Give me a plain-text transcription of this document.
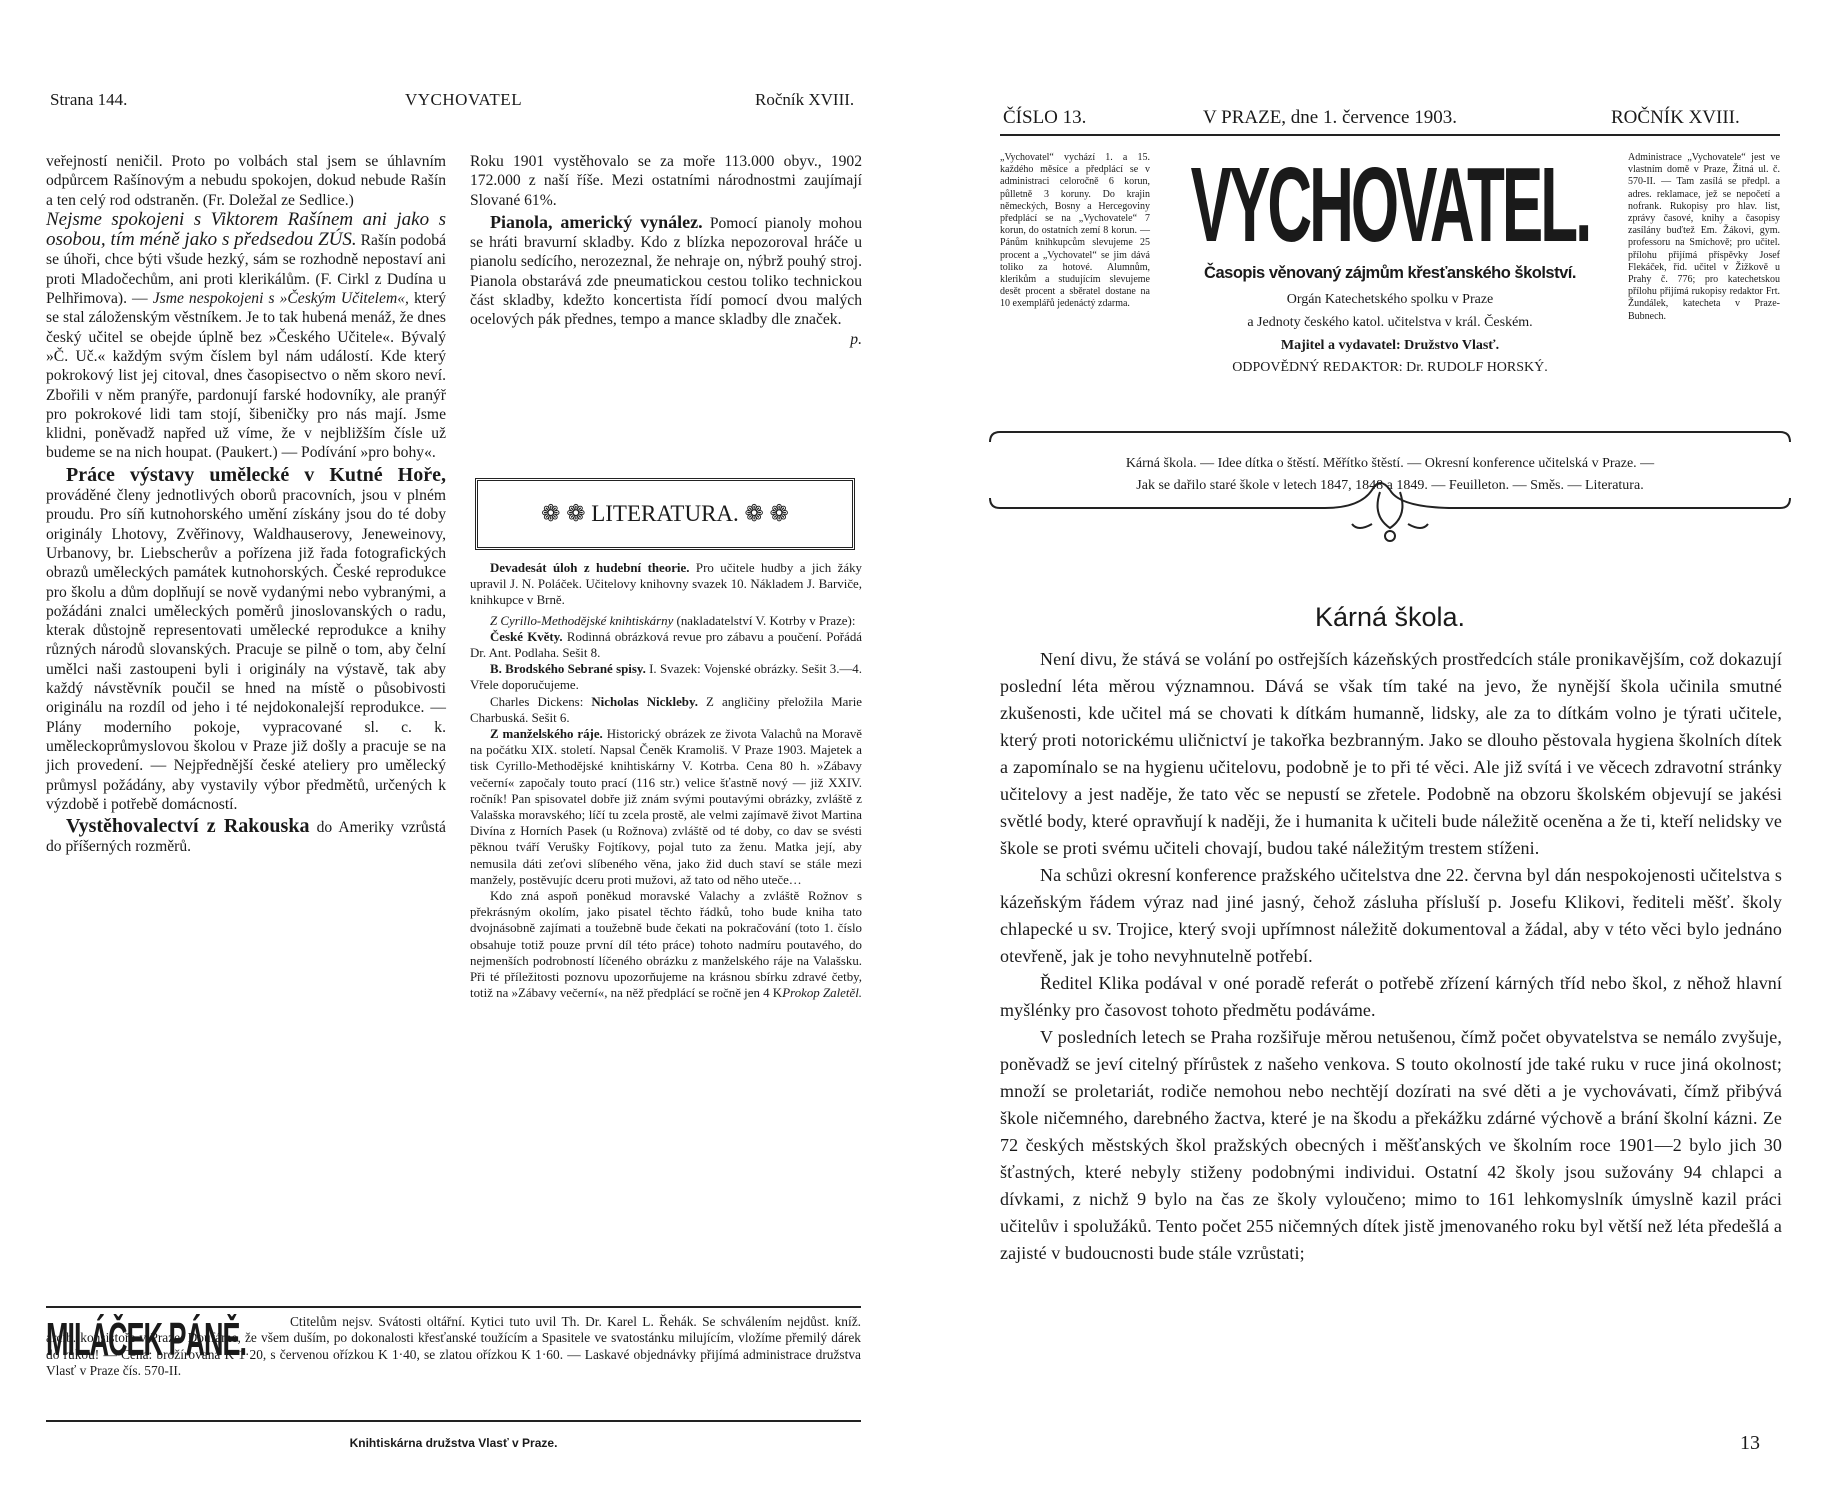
Strana 144.	VYCHOVATEL	Ročník XVIII.

veřejností neničil. Proto po volbách stal jsem se úhlavním odpůrcem Rašínovým a nebudu spokojen, dokud nebude Rašín a ten celý rod odstraněn. (Fr. Doležal ze Sedlice.)

Nejsme spokojeni s Viktorem Rašínem ani jako s osobou, tím méně jako s předsedou ZÚS. Rašín podobá se úhoři, chce býti všude hezký, sám se rozhodně nepostaví ani proti Mladočechům, ani proti klerikálům. (F. Cirkl z Dudína u Pelhřimova). — Jsme nespokojeni s »Českým Učitelem«, který se stal záloženským věstníkem. Je to tak hubená menáž, že dnes český učitel se obejde úplně bez »Českého Učitele«. Bývalý »Č. Uč.« každým svým číslem byl nám událostí. Kde který pokrokový list jej citoval, dnes časopisectvo o něm skoro neví. Zbořili v něm pranýře, pardonují farské hodovníky, ale pranýř pro pokrokové lidi tam stojí, šibeničky pro nás mají. Jsme klidni, poněvadž napřed už víme, že v nejbližším čísle už budeme se na nich houpat. (Paukert.) — Podívání »pro bohy«.

Práce výstavy umělecké v Kutné Hoře, prováděné členy jednotlivých oborů pracovních, jsou v plném proudu. Pro síň kutnohorského umění získány jsou do té doby originály Lhotovy, Zvěřinovy, Waldhauserovy, Jeneweinovy, Urbanovy, br. Liebscherův a pořízena již řada fotografických obrazů uměleckých památek kutnohorských. České reprodukce pro školu a dům doplňují se nově vydanými nebo vybranými, a požádáni znalci uměleckých poměrů jinoslovanských o radu, kterak důstojně representovati umělecké reprodukce a knihy různých národů slovanských. Pracuje se pilně o tom, aby čelní umělci naši zastoupeni byli i originály na výstavě, tak aby každý návstěvník poučil se hned na místě o působivosti originálu na rozdíl od jeho i té nejdokonalejší reprodukce. — Plány moderního pokoje, vypracované sl. c. k. uměleckoprůmyslovou školou v Praze již došly a pracuje se na jich provedení. — Nejpřednější české ateliery pro umělecký průmysl požádány, aby vystavily výbor předmětů, určených k výzdobě i potřebě domácností.

Vystěhovalectví z Rakouska do Ameriky vzrůstá do příšerných rozměrů.

Roku 1901 vystěhovalo se za moře 113.000 obyv., 1902 172.000 z naší říše. Mezi ostatními národnostmi zaujímají Slované 61%.

Pianola, americký vynález. Pomocí pianoly mohou se hráti bravurní skladby. Kdo z blízka nepozoroval hráče u pianolu sedícího, nerozeznal, že nehraje on, nýbrž pouhý stroj. Pianola obstarává zde pneumatickou cestou toliko technickou část skladby, kdežto koncertista řídí pomocí dvou malých ocelových pák přednes, tempo a mance skladby dle značek.
p.

❁ ❁ LITERATURA. ❁ ❁

Devadesát úloh z hudební theorie. Pro učitele hudby a jich žáky upravil J. N. Poláček. Učitelovy knihovny svazek 10. Nákladem J. Barviče, knihkupce v Brně.

Z Cyrillo-Methodějské knihtiskárny (nakladatelství V. Kotrby v Praze):

České Květy. Rodinná obrázková revue pro zábavu a poučení. Pořádá Dr. Ant. Podlaha. Sešit 8.

B. Brodského Sebrané spisy. I. Svazek: Vojenské obrázky. Sešit 3.—4. Vřele doporučujeme.

Charles Dickens: Nicholas Nickleby. Z angličiny přeložila Marie Charbuská. Sešit 6.

Z manželského ráje. Historický obrázek ze života Valachů na Moravě na počátku XIX. století. Napsal Čeněk Kramoliš. V Praze 1903. Majetek a tisk Cyrillo-Methodějské knihtiskárny V. Kotrba. Cena 80 h. »Zábavy večerní« započaly touto prací (116 str.) velice šťastně nový — již XXIV. ročník! Pan spisovatel dobře již znám svými poutavými obrázky, zvláště z Valašska moravského; líčí tu zcela prostě, ale velmi zajímavě život Martina Divína z Horních Pasek (u Rožnova) zvláště od té doby, co dav se svésti pěknou tváří Verušky Fojtíkovy, pojal tuto za ženu. Matka její, aby nemusila dáti zeťovi slíbeného věna, jako žid duch staví se stále mezi manžely, postěvujíc dceru proti mužovi, až tato od něho uteče…

Kdo zná aspoň poněkud moravské Valachy a zvláště Rožnov s překrásným okolím, jako pisatel těchto řádků, toho bude kniha tato dvojnásobně zajímati a toužebně bude čekati na pokračování (toto 1. číslo obsahuje totiž pouze první díl této práce) tohoto nadmíru poutavého, do nejmenších podrobností líčeného obrázku z manželského ráje na Valašsku. Při té příležitosti poznovu upozorňujeme na krásnou sbírku zdravé četby, totiž na »Zábavy večerní«, na něž předplácí se ročně jen 4 K.
Prokop Zaletěl.

MILÁČEK PÁNĚ.	Ctitelům nejsv. Svátosti oltářní. Kytici tuto uvil Th. Dr. Karel L. Řehák. Se schválením nejdůst. kníž. arcib. konsistoře v Praze. Doufáme, že všem duším, po dokonalosti křesťanské toužícím a Spasitele ve svatostánku milujícím, vložíme přemilý dárek do rukou! — Cena: brožírovaná K 1·20, s červenou ořízkou K 1·40, se zlatou ořízkou K 1·60. — Laskavé objednávky přijímá administrace družstva Vlasť v Praze čís. 570-II.
Knihtiskárna družstva Vlasť v Praze.
ČÍSLO 13.	V PRAZE, dne 1. července 1903.	ROČNÍK XVIII.
„Vychovatel“ vychází 1. a 15. každého měsíce a předplácí se v administraci celoročně 6 korun, půlletně 3 koruny. Do krajin německých, Bosny a Hercegoviny předplácí se na „Vychovatele“ 7 korun, do ostatních zemí 8 korun. — Pánům knihkupcům slevujeme 25 procent a „Vychovatel“ se jim dává toliko za hotové. Alumnům, klerikům a studujícím slevujeme desět procent a sběratel dostane na 10 exemplářů jedenáctý zdarma.
Administrace „Vychovatele“ jest ve vlastním domě v Praze, Žitná ul. č. 570-II. — Tam zasílá se předpl. a adres. reklamace, jež se nepočetí a nofrank. Rukopisy pro hlav. list, zprávy časové, knihy a časopisy zasílány buďtež Em. Žákovi, gym. professoru na Smíchově; pro učitel. přílohu přijímá příspěvky Josef Flekáček, řid. učitel v Žižkově u Prahy č. 776; pro katechetskou přílohu přijímá rukopisy redaktor Frt. Žundálek, katecheta v Praze-Bubnech.
VYCHOVATEL.
Časopis věnovaný zájmům křesťanského školství.
Orgán Katechetského spolku v Praze
a Jednoty českého katol. učitelstva v král. Českém.
Majitel a vydavatel: Družstvo Vlasť.
ODPOVĚDNÝ REDAKTOR: Dr. RUDOLF HORSKÝ.
Kárná škola. — Idee dítka o štěstí. Měřítko štěstí. — Okresní konference učitelská v Praze. —
Jak se dařilo staré škole v letech 1847, 1848 a 1849. — Feuilleton. — Směs. — Literatura.
Kárná škola.

Není divu, že stává se volání po ostřejších kázeňských prostředcích stále pronikavějším, což dokazují poslední léta měrou významnou. Dává se však tím také na jevo, že nynější škola učinila smutné zkušenosti, kde učitel má se chovati k dítkám humanně, lidsky, ale za to dítkám volno je týrati učitele, který proti notorickému uličnictví je takořka bezbranným. Jako se dlouho pěstovala hygiena školních dítek a zapomínalo se na hygienu učitelovu, podobně je to při té věci. Ale již svítá i ve věcech zdravotní stránky učitelovy a jest naděje, že tato věc se nepustí se zřetele. Podobně na obzoru školském objevují se jakési světlé body, které opravňují k naději, že i humanita k učiteli bude náležitě oceněna a že ti, kteří nelidsky ve škole se proti svému učiteli chovají, budou také náležitým trestem stíženi.

Na schůzi okresní konference pražského učitelstva dne 22. června byl dán nespokojenosti učitelstva s kázeňským řádem výraz nad jiné jasný, čehož zásluha přísluší p. Josefu Klikovi, řediteli měšť. školy chlapecké u sv. Trojice, který svoji upřímnost náležitě dokumentoval a žádal, aby v této věci bylo jednáno otevřeně, jak je toho nevyhnutelně potřebí.

Ředitel Klika podával v oné poradě referát o potřebě zřízení kárných tříd nebo škol, z něhož hlavní myšlénky pro časovost tohoto předmětu podáváme.

V posledních letech se Praha rozšiřuje měrou netušenou, čímž počet obyvatelstva se nemálo zvyšuje, poněvadž se jeví citelný přírůstek z našeho venkova. S touto okolností jde také ruku v ruce jiná okolnost; množí se proletariát, rodiče nemohou nebo nechtějí dozírati na své děti a je vychovávati, čímž přibývá škole ničemného, darebného žactva, které je na škodu a překážku zdárné výchově a brání školní kázni. Ze 72 českých městských škol pražských obecných i měšťanských ve školním roce 1901—2 bylo jich 30 šťastných, které nebyly stiženy podobnými individui. Ostatní 42 školy jsou sužovány 94 chlapci a dívkami, z nichž 9 bylo na čas ze školy vyloučeno; mimo to 161 lehkomyslník úmyslně kazil práci učitelův i spolužáků. Tento počet 255 ničemných dítek jistě jmenovaného roku byl větší než léta předešlá a zajisté v budoucnosti bude stále vzrůstati;

13
